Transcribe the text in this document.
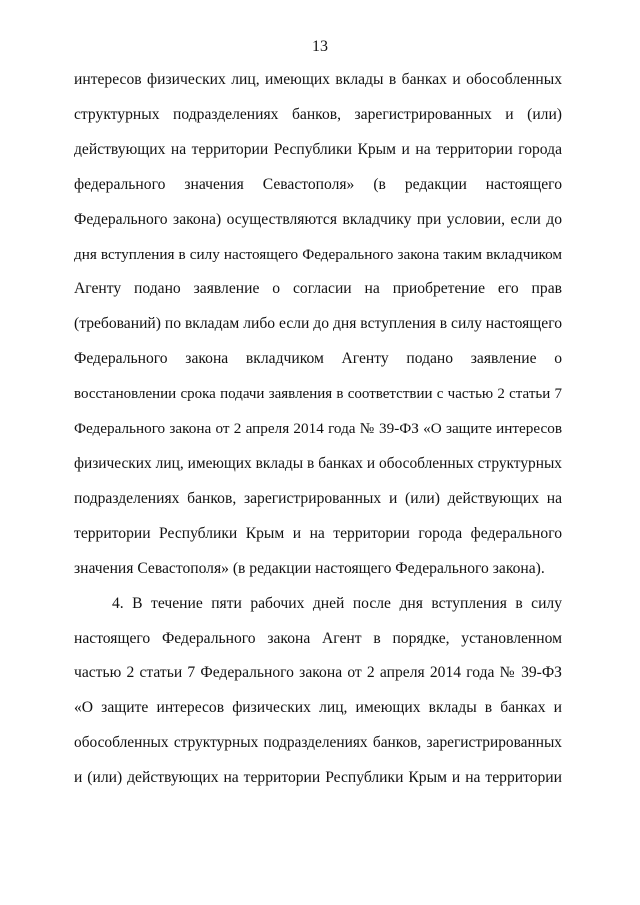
13

интересов физических лиц, имеющих вклады в банках и обособленных
структурных подразделениях банков, зарегистрированных и (или)
действующих на территории Республики Крым и на территории города
федерального значения Севастополя» (в редакции настоящего
Федерального закона) осуществляются вкладчику при условии, если до
дня вступления в силу настоящего Федерального закона таким вкладчиком
Агенту подано заявление о согласии на приобретение его прав
(требований) по вкладам либо если до дня вступления в силу настоящего
Федерального закона вкладчиком Агенту подано заявление о
восстановлении срока подачи заявления в соответствии с частью 2 статьи 7
Федерального закона от 2 апреля 2014 года № 39-ФЗ «О защите интересов
физических лиц, имеющих вклады в банках и обособленных структурных
подразделениях банков, зарегистрированных и (или) действующих на
территории Республики Крым и на территории города федерального
значения Севастополя» (в редакции настоящего Федерального закона).

4. В течение пяти рабочих дней после дня вступления в силу
настоящего Федерального закона Агент в порядке, установленном
частью 2 статьи 7 Федерального закона от 2 апреля 2014 года № 39-ФЗ
«О защите интересов физических лиц, имеющих вклады в банках и
обособленных структурных подразделениях банков, зарегистрированных
и (или) действующих на территории Республики Крым и на территории
